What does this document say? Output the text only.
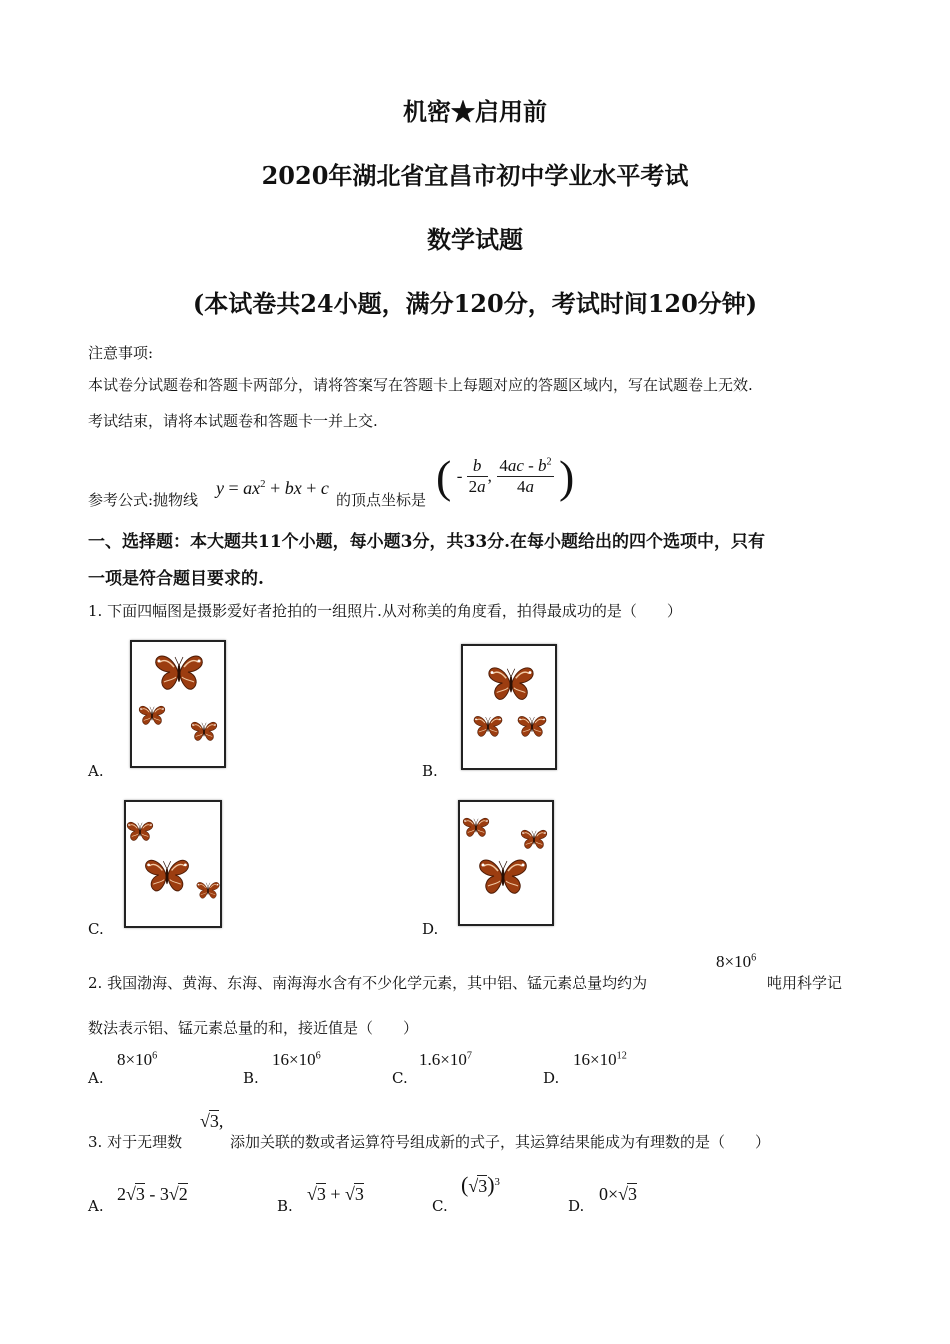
机密★启用前
2020年湖北省宜昌市初中学业水平考试
数学试题
(本试卷共24小题，满分120分，考试时间120分钟)
注意事项:
本试卷分试题卷和答题卡两部分，请将答案写在答题卡上每题对应的答题区域内，写在试题卷上无效.
考试结束，请将本试题卷和答题卡一并上交.
参考公式:抛物线
$y = ax^2$ + bx + c
的顶点坐标是 ( - $\frac{b}{2a}$ , $\frac{4ac - b^2}{4a}$ )
一、选择题：本大题共11个小题，每小题3分，共33分.在每小题给出的四个选项中，只有
一项是符合题目要求的.
1. 下面四幅图是摄影爱好者抢拍的一组照片.从对称美的角度看，拍得最成功的是（　　）
A.	B.
C.	D.
2. 我国渤海、黄海、东海、南海海水含有不少化学元素，其中铝、锰元素总量均约为
$8\times 10^6$
吨用科学记
数法表示铝、锰元素总量的和，接近值是（　　）
A.
$8\times 10^6$
B.
$16\times 10^6$
C.
$1.6\times 10^7$
D.
$16\times 10^{12}$
3. 对于无理数
√3,
添加关联的数或者运算符号组成新的式子，其运算结果能成为有理数的是（　　）
A.
2√3 - 3√2
B.
√3 + √3
C.
$(√3)^3$
D.
0×√3
